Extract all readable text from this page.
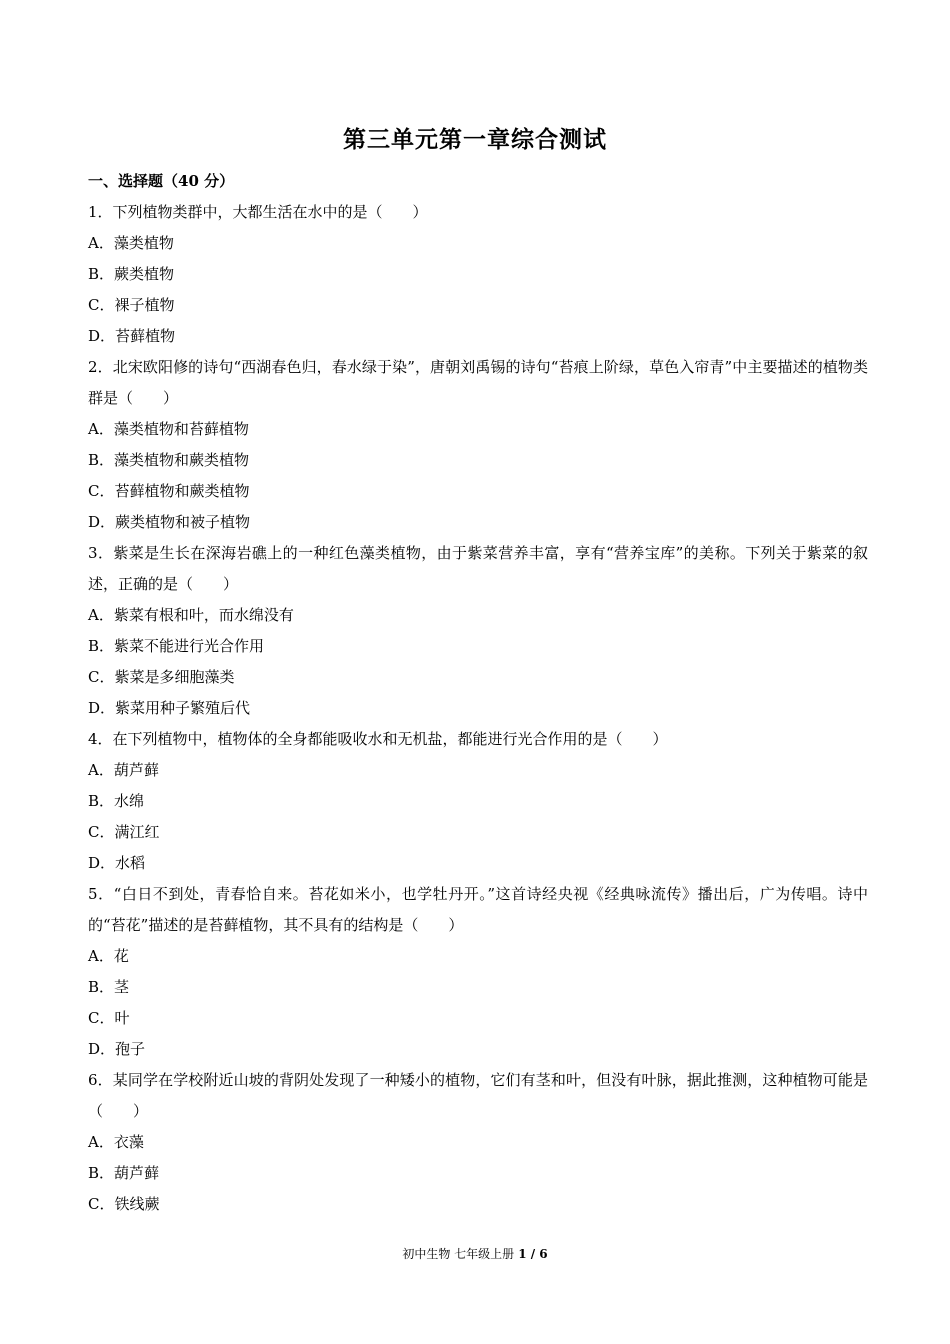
第三单元第一章综合测试
一、选择题（40 分）
1．下列植物类群中，大都生活在水中的是（　　）
A．藻类植物
B．蕨类植物
C．裸子植物
D．苔藓植物
2．北宋欧阳修的诗句“西湖春色归，春水绿于染”，唐朝刘禹锡的诗句“苔痕上阶绿，草色入帘青”中主要描述的植物类群是（　　）
A．藻类植物和苔藓植物
B．藻类植物和蕨类植物
C．苔藓植物和蕨类植物
D．蕨类植物和被子植物
3．紫菜是生长在深海岩礁上的一种红色藻类植物，由于紫菜营养丰富，享有“营养宝库”的美称。下列关于紫菜的叙述，正确的是（　　）
A．紫菜有根和叶，而水绵没有
B．紫菜不能进行光合作用
C．紫菜是多细胞藻类
D．紫菜用种子繁殖后代
4．在下列植物中，植物体的全身都能吸收水和无机盐，都能进行光合作用的是（　　）
A．葫芦藓
B．水绵
C．满江红
D．水稻
5．“白日不到处，青春恰自来。苔花如米小，也学牡丹开。”这首诗经央视《经典咏流传》播出后，广为传唱。诗中的“苔花”描述的是苔藓植物，其不具有的结构是（　　）
A．花
B．茎
C．叶
D．孢子
6．某同学在学校附近山坡的背阴处发现了一种矮小的植物，它们有茎和叶，但没有叶脉，据此推测，这种植物可能是（　　）
A．衣藻
B．葫芦藓
C．铁线蕨
初中生物 七年级上册 1 / 6
